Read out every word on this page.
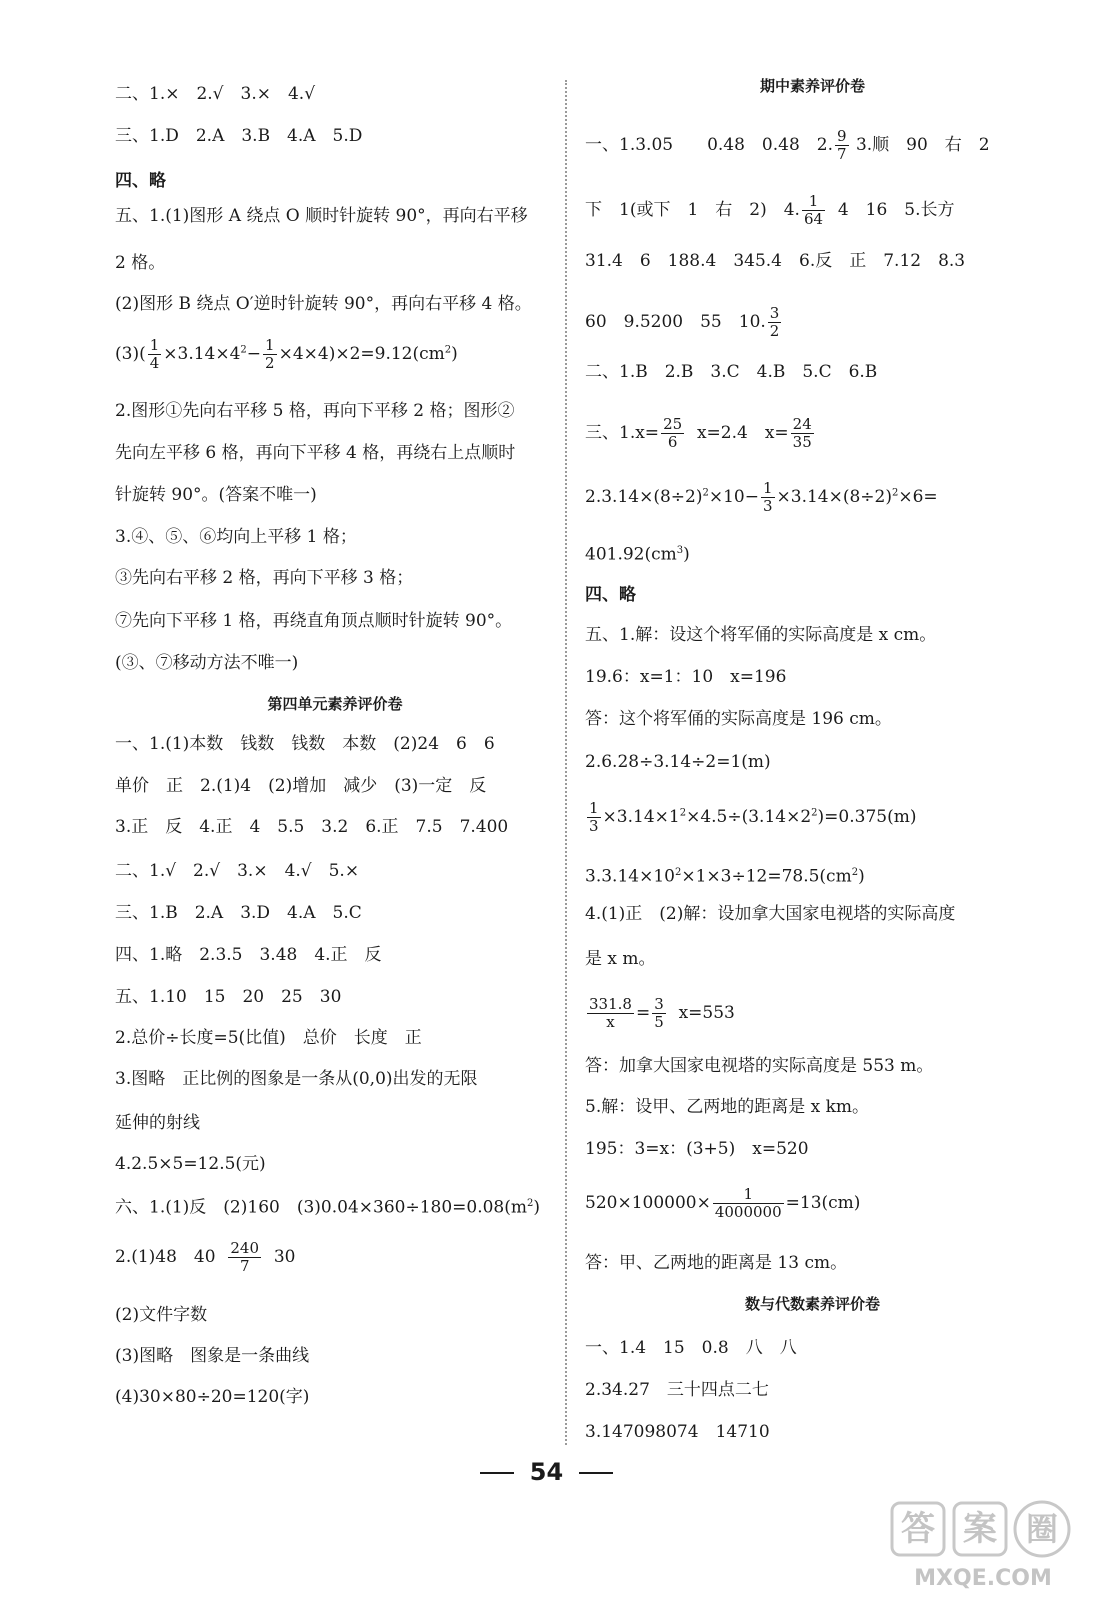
二、1.×　2.√　3.×　4.√
三、1.D　2.A　3.B　4.A　5.D
四、略
五、1.(1)图形 A 绕点 O 顺时针旋转 90°，再向右平移
2 格。
(2)图形 B 绕点 O′逆时针旋转 90°，再向右平移 4 格。
$(3)( \frac{1}{4} \times 3.14\times 4^2- \frac{1}{2} \times 4\times 4)\times 2=9.12(cm^2)$
2.图形①先向右平移 5 格，再向下平移 2 格；图形②
先向左平移 6 格，再向下平移 4 格，再绕右上点顺时
针旋转 90°。(答案不唯一)
3.④、⑤、⑥均向上平移 1 格；
③先向右平移 2 格，再向下平移 3 格；
⑦先向下平移 1 格，再绕直角顶点顺时针旋转 90°。
(③、⑦移动方法不唯一)
第四单元素养评价卷
一、1.(1)本数　钱数　钱数　本数　(2)24　6　6
单价　正　2.(1)4　(2)增加　减少　(3)一定　反
3.正　反　4.正　4　5.5　3.2　6.正　7.5　7.400
二、1.√　2.√　3.×　4.√　5.×
三、1.B　2.A　3.D　4.A　5.C
四、1.略　2.3.5　3.48　4.正　反
五、1.10　15　20　25　30
2.总价÷长度=5(比值)　总价　长度　正
3.图略　正比例的图象是一条从(0,0)出发的无限
延伸的射线
4.2.5×5=12.5(元)
六、1.(1)反　(2)160　$(3)0.04\times 360\div 180=0.08(m^2)$
2.(1)48　$40 \frac{240}{7} 30$
(2)文件字数
(3)图略　图象是一条曲线
(4)30×80÷20=120(字)
期中素养评价卷
一、1.3.05　　0.48　0.48　2. $\frac{9}{7} 3$.顺　90　右　2
下　1(或下　1　右　2)　4. $\frac{1}{64} 4$　16　5.长方
31.4　6　188.4　345.4　6.反　正　7.12　8.3
60　9.5200　55　10. $\frac{3}{2}$
二、1.B　2.B　3.C　4.B　5.C　6.B
三、$1.x= \frac{25}{6} x=2.4$　$x= \frac{24}{35}$
$2.3.14\times(8\div 2)^2\times 10- \frac{1}{3} \times 3.14\times(8\div 2)^2\times 6=$
$401.92(cm^3)$
四、略
五、1.解：设这个将军俑的实际高度是 x cm。
19.6：x=1：10　x=196
答：这个将军俑的实际高度是 196 cm。
2.6.28÷3.14÷2=1(m)
$\frac{1}{3} \times 3.14\times 1^2\times 4.5\div(3.14\times 2^2)=0.375(m)$
$3.3.14\times 10^2\times 1\times 3\div 12=78.5(cm^2)$
4.(1)正　(2)解：设加拿大国家电视塔的实际高度
是 x m。
$\frac{331.8}{x} = \frac{3}{5} x=553$
答：加拿大国家电视塔的实际高度是 553 m。
5.解：设甲、乙两地的距离是 x km。
195：3=x：(3+5)　x=520
$520\times 100000\times \frac{1}{4000000} =13(cm)$
答：甲、乙两地的距离是 13 cm。
数与代数素养评价卷
一、1.4　15　0.8　八　八
2.34.27　三十四点二七
3.147098074　14710
54
答 案 圈
MXQE.COM
